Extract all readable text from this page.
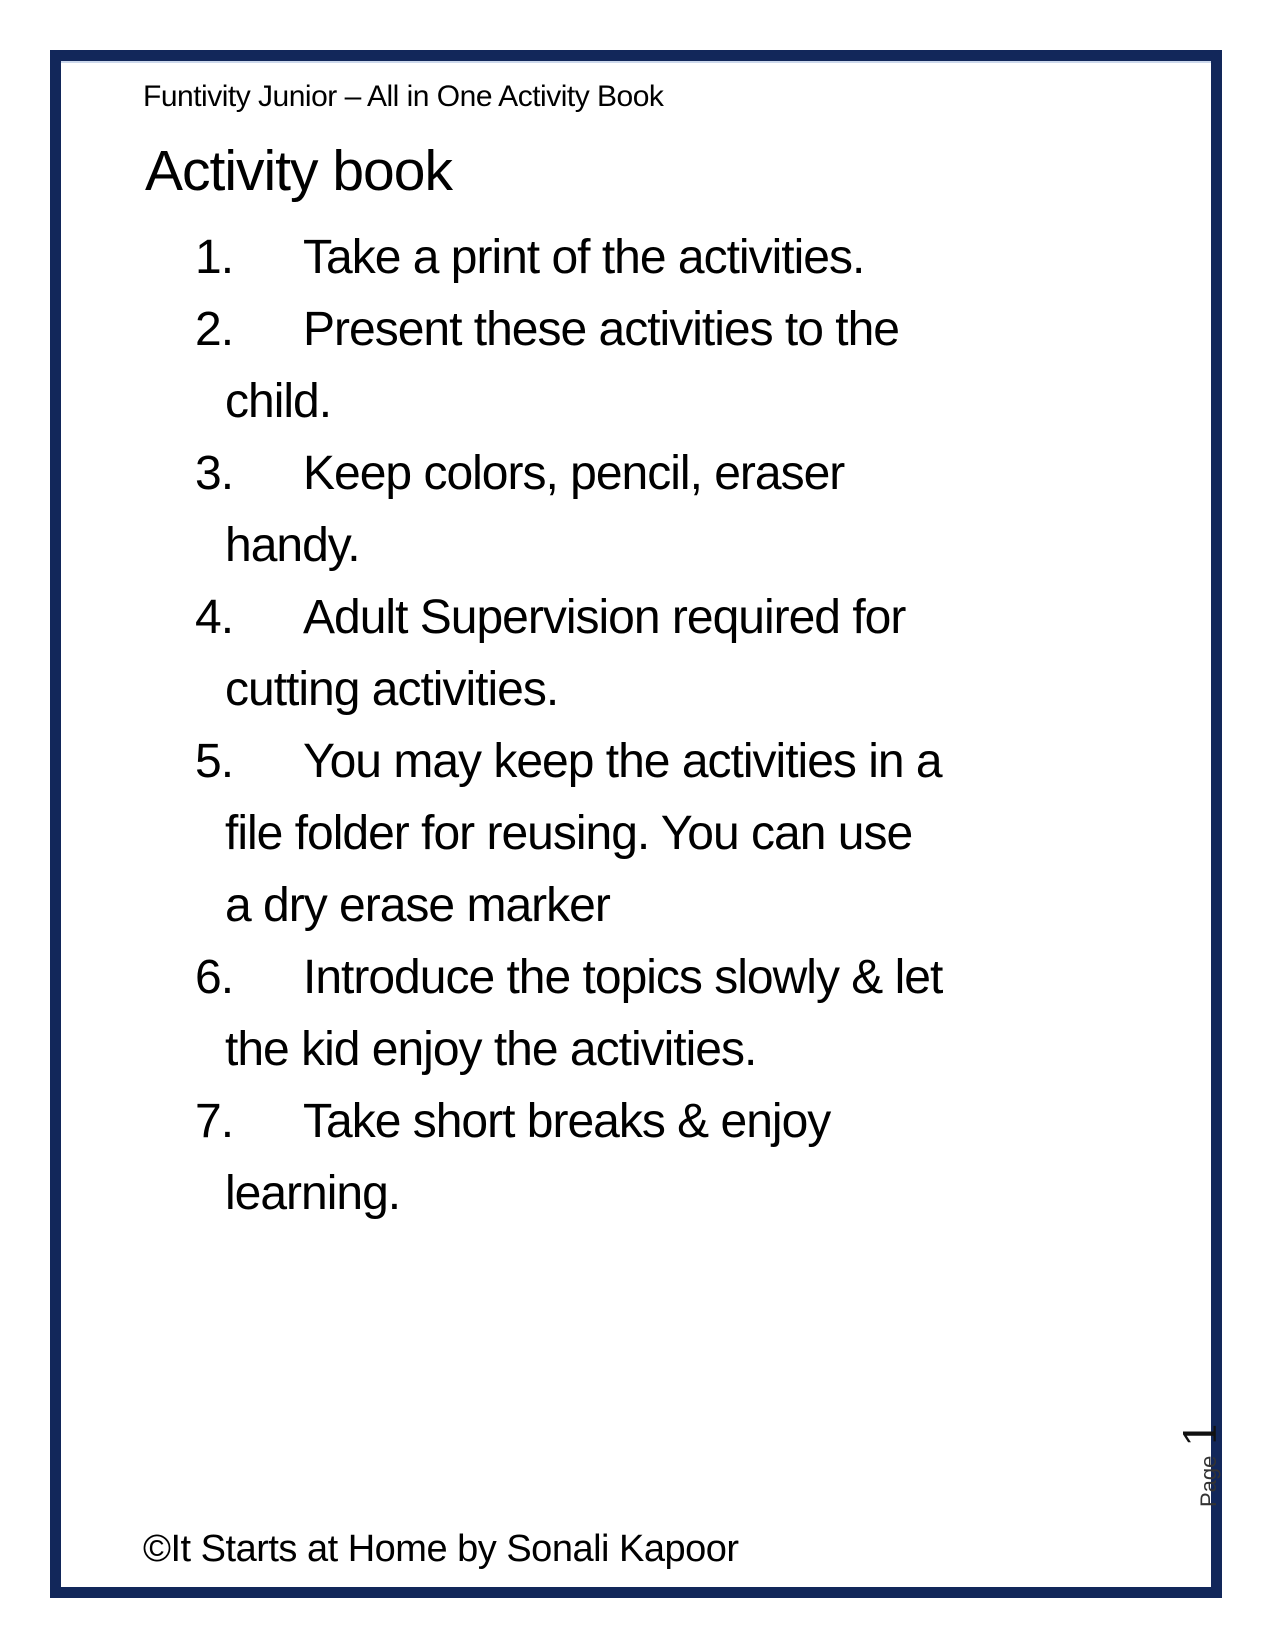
Funtivity Junior – All in One Activity Book
Activity book
1. Take a print of the activities.
2. Present these activities to the
child.
3. Keep colors, pencil, eraser
handy.
4. Adult Supervision required for
cutting activities.
5. You may keep the activities in a
file folder for reusing. You can use
a dry erase marker
6. Introduce the topics slowly & let
the kid enjoy the activities.
7. Take short breaks & enjoy
learning.
Page
1
©It Starts at Home by Sonali Kapoor
